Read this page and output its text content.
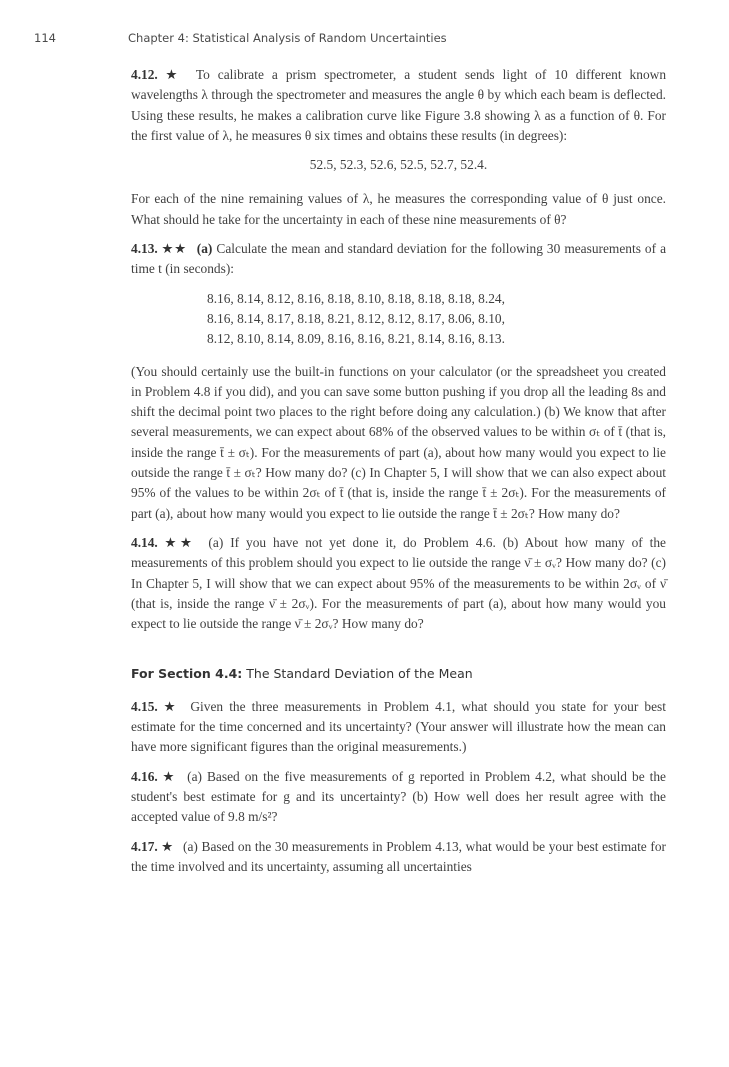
114	Chapter 4: Statistical Analysis of Random Uncertainties

4.12. ★ To calibrate a prism spectrometer, a student sends light of 10 different known wavelengths λ through the spectrometer and measures the angle θ by which each beam is deflected. Using these results, he makes a calibration curve like Figure 3.8 showing λ as a function of θ. For the first value of λ, he measures θ six times and obtains these results (in degrees):

52.5, 52.3, 52.6, 52.5, 52.7, 52.4.

For each of the nine remaining values of λ, he measures the corresponding value of θ just once. What should he take for the uncertainty in each of these nine measurements of θ?

4.13. ★★ (a) Calculate the mean and standard deviation for the following 30 measurements of a time t (in seconds):

8.16, 8.14, 8.12, 8.16, 8.18, 8.10, 8.18, 8.18, 8.18, 8.24,
8.16, 8.14, 8.17, 8.18, 8.21, 8.12, 8.12, 8.17, 8.06, 8.10,
8.12, 8.10, 8.14, 8.09, 8.16, 8.16, 8.21, 8.14, 8.16, 8.13.

(You should certainly use the built-in functions on your calculator (or the spreadsheet you created in Problem 4.8 if you did), and you can save some button pushing if you drop all the leading 8s and shift the decimal point two places to the right before doing any calculation.) (b) We know that after several measurements, we can expect about 68% of the observed values to be within σₜ of t̄ (that is, inside the range t̄ ± σₜ). For the measurements of part (a), about how many would you expect to lie outside the range t̄ ± σₜ? How many do? (c) In Chapter 5, I will show that we can also expect about 95% of the values to be within 2σₜ of t̄ (that is, inside the range t̄ ± 2σₜ). For the measurements of part (a), about how many would you expect to lie outside the range t̄ ± 2σₜ? How many do?

4.14. ★★ (a) If you have not yet done it, do Problem 4.6. (b) About how many of the measurements of this problem should you expect to lie outside the range ν̄ ± σᵥ? How many do? (c) In Chapter 5, I will show that we can expect about 95% of the measurements to be within 2σᵥ of ν̄ (that is, inside the range ν̄ ± 2σᵥ). For the measurements of part (a), about how many would you expect to lie outside the range ν̄ ± 2σᵥ? How many do?

For Section 4.4: The Standard Deviation of the Mean

4.15. ★ Given the three measurements in Problem 4.1, what should you state for your best estimate for the time concerned and its uncertainty? (Your answer will illustrate how the mean can have more significant figures than the original measurements.)

4.16. ★ (a) Based on the five measurements of g reported in Problem 4.2, what should be the student's best estimate for g and its uncertainty? (b) How well does her result agree with the accepted value of 9.8 m/s²?

4.17. ★ (a) Based on the 30 measurements in Problem 4.13, what would be your best estimate for the time involved and its uncertainty, assuming all uncertainties
